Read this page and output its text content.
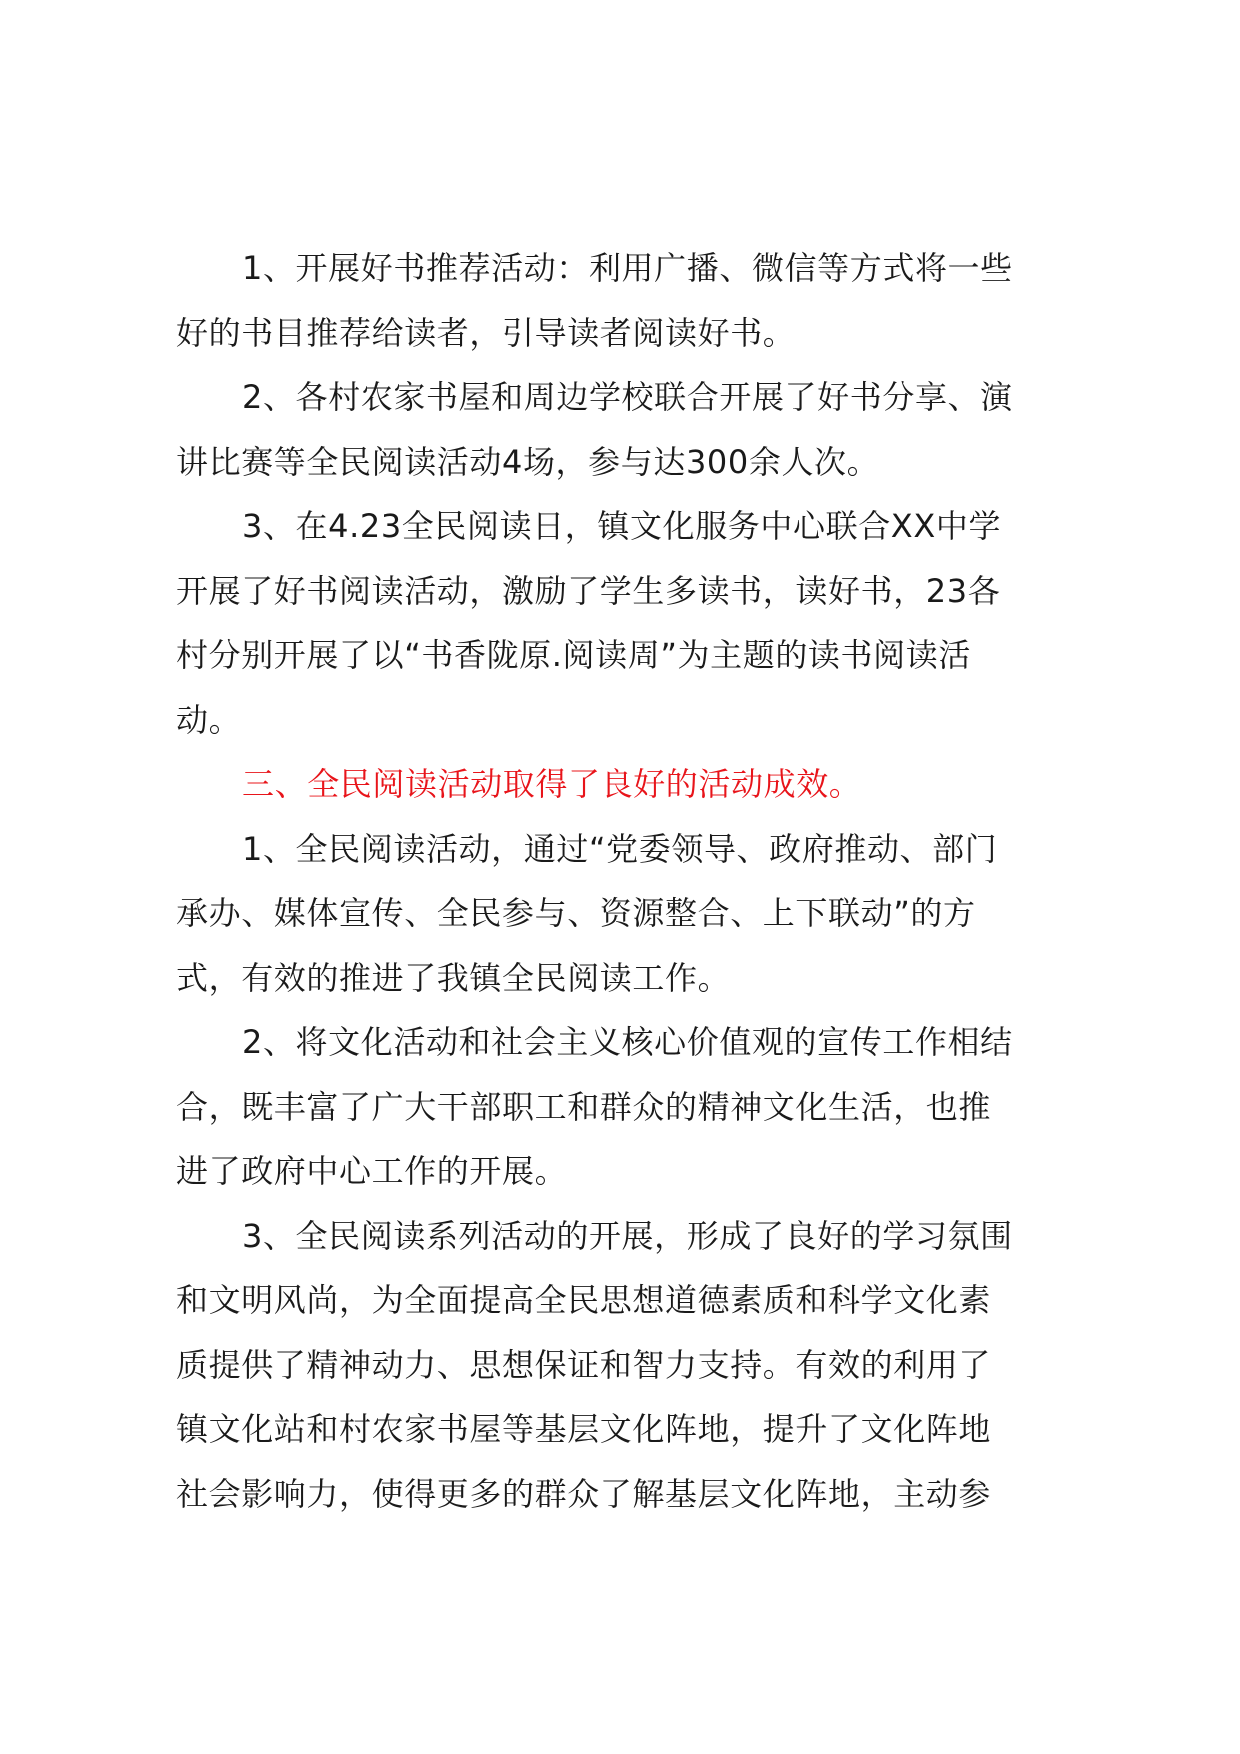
1、开展好书推荐活动：利用广播、微信等方式将一些
好的书目推荐给读者，引导读者阅读好书。
2、各村农家书屋和周边学校联合开展了好书分享、演
讲比赛等全民阅读活动4场，参与达300余人次。
3、在4.23全民阅读日，镇文化服务中心联合XX中学
开展了好书阅读活动，激励了学生多读书，读好书，23各
村分别开展了以“书香陇原.阅读周”为主题的读书阅读活
动。
三、全民阅读活动取得了良好的活动成效。
1、全民阅读活动，通过“党委领导、政府推动、部门
承办、媒体宣传、全民参与、资源整合、上下联动”的方
式，有效的推进了我镇全民阅读工作。
2、将文化活动和社会主义核心价值观的宣传工作相结
合，既丰富了广大干部职工和群众的精神文化生活，也推
进了政府中心工作的开展。
3、全民阅读系列活动的开展，形成了良好的学习氛围
和文明风尚，为全面提高全民思想道德素质和科学文化素
质提供了精神动力、思想保证和智力支持。有效的利用了
镇文化站和村农家书屋等基层文化阵地，提升了文化阵地
社会影响力，使得更多的群众了解基层文化阵地，主动参
